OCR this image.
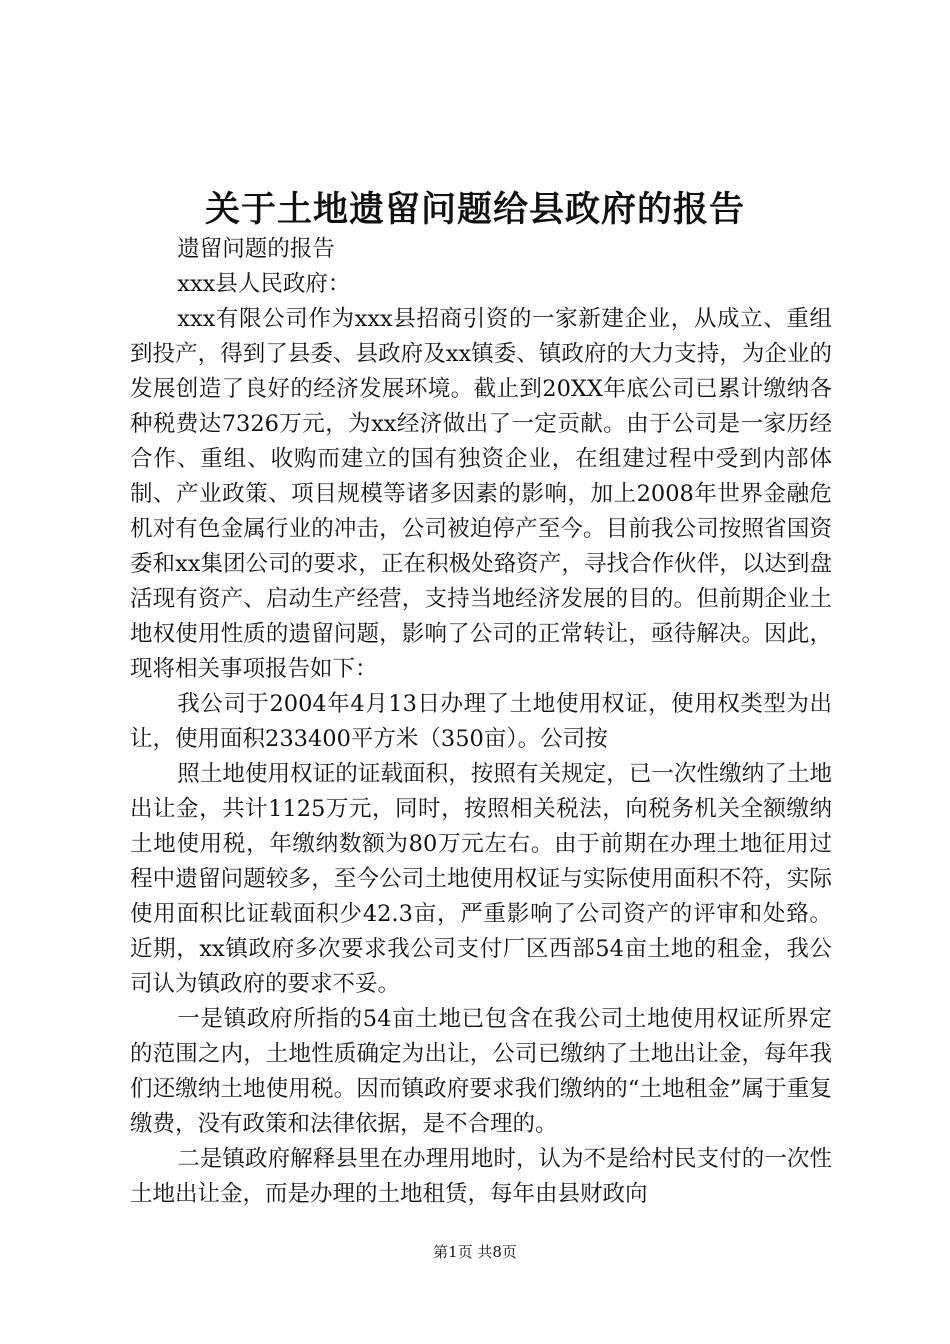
关于土地遗留问题给县政府的报告

遗留问题的报告

xxx县人民政府：

xxx有限公司作为xxx县招商引资的一家新建企业，从成立、重组到投产，得到了县委、县政府及xx镇委、镇政府的大力支持，为企业的发展创造了良好的经济发展环境。截止到20XX年底公司已累计缴纳各种税费达7326万元，为xx经济做出了一定贡献。由于公司是一家历经合作、重组、收购而建立的国有独资企业，在组建过程中受到内部体制、产业政策、项目规模等诸多因素的影响，加上2008年世界金融危机对有色金属行业的冲击，公司被迫停产至今。目前我公司按照省国资委和xx集团公司的要求，正在积极处臵资产，寻找合作伙伴，以达到盘活现有资产、启动生产经营，支持当地经济发展的目的。但前期企业土地权使用性质的遗留问题，影响了公司的正常转让，亟待解决。因此，现将相关事项报告如下：

我公司于2004年4月13日办理了土地使用权证，使用权类型为出让，使用面积233400平方米（350亩）。公司按

照土地使用权证的证载面积，按照有关规定，已一次性缴纳了土地出让金，共计1125万元，同时，按照相关税法，向税务机关全额缴纳土地使用税，年缴纳数额为80万元左右。由于前期在办理土地征用过程中遗留问题较多，至今公司土地使用权证与实际使用面积不符，实际使用面积比证载面积少42.3亩，严重影响了公司资产的评审和处臵。近期，xx镇政府多次要求我公司支付厂区西部54亩土地的租金，我公司认为镇政府的要求不妥。

一是镇政府所指的54亩土地已包含在我公司土地使用权证所界定的范围之内，土地性质确定为出让，公司已缴纳了土地出让金，每年我们还缴纳土地使用税。因而镇政府要求我们缴纳的“土地租金”属于重复缴费，没有政策和法律依据，是不合理的。

二是镇政府解释县里在办理用地时，认为不是给村民支付的一次性土地出让金，而是办理的土地租赁，每年由县财政向

第1页 共8页
